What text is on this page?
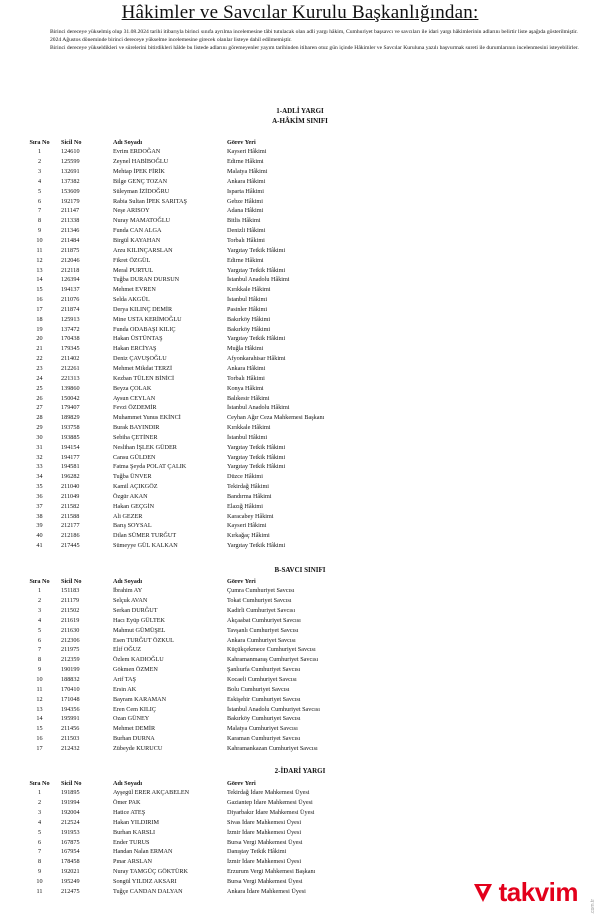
Hâkimler ve Savcılar Kurulu Başkanlığından:

Birinci dereceye yükselmiş olup 31.08.2024 tarihi itibarıyla birinci sınıfa ayrılma incelemesine tâbi tutulacak olan adli yargı hâkim, Cumhuriyet başsavcı ve savcıları ile idari yargı hâkimlerinin adlarını belirtir liste aşağıda gösterilmiştir.

2024 Ağustos döneminde birinci dereceye yükselme incelemesine girecek olanlar listeye dahil edilmemiştir.

Birinci dereceye yükseldikleri ve sürelerini bitirdikleri hâlde bu listede adlarını göremeyenler yayım tarihinden itibaren otuz gün içinde Hâkimler ve Savcılar Kuruluna yazılı başvurmak sureti ile durumlarının incelenmesini isteyebilirler.

1-ADLİ YARGI
A-HÂKİM SINIFI
Sıra No	Sicil No	Adı Soyadı	Görev Yeri
1	124610	Evrim ERDOĞAN	Kayseri Hâkimi
2	125599	Zeynel HABİBOĞLU	Edirne Hâkimi
3	132691	Mehtap İPEK FİRİK	Malatya Hâkimi
4	137382	Bilge GENÇ TOZAN	Ankara Hâkimi
5	153609	Süleyman İZİDOĞRU	Isparta Hâkimi
6	192179	Rabia Sultan İPEK SARITAŞ	Gebze Hâkimi
7	211147	Neşe ARISOY	Adana Hâkimi
8	211338	Nuray MAMATOĞLU	Bitlis Hâkimi
9	211346	Funda CAN ALGA	Denizli Hâkimi
10	211484	Birgül KAYAHAN	Torbalı Hâkimi
11	211875	Arzu KILINÇARSLAN	Yargıtay Tetkik Hâkimi
12	212046	Fikret ÖZGÜL	Edirne Hâkimi
13	212118	Meral PURTUL	Yargıtay Tetkik Hâkimi
14	126394	Tuğba DURAN DURSUN	İstanbul Anadolu Hâkimi
15	194137	Mehmet EVREN	Kırıkkale Hâkimi
16	211076	Selda AKGÜL	İstanbul Hâkimi
17	211874	Derya KILINÇ DEMİR	Pasinler Hâkimi
18	125913	Mine USTA KERİMOĞLU	Bakırköy Hâkimi
19	137472	Funda ODABAŞI KILIÇ	Bakırköy Hâkimi
20	170438	Hakan ÜSTÜNTAŞ	Yargıtay Tetkik Hâkimi
21	179345	Hakan ERCİYAŞ	Muğla Hâkimi
22	211402	Deniz ÇAVUŞOĞLU	Afyonkarahisar Hâkimi
23	212261	Mehmet Mikdat TERZİ	Ankara Hâkimi
24	221313	Kezban TÜLEN BİNİCİ	Torbalı Hâkimi
25	139860	Beyza ÇOLAK	Konya Hâkimi
26	150042	Aysun CEYLAN	Balıkesir Hâkimi
27	179407	Fevzi ÖZDEMİR	İstanbul Anadolu Hâkimi
28	189829	Muhammet Yunus EKİNCİ	Ceyhan Ağır Ceza Mahkemesi Başkanı
29	193758	Burak BAYINDIR	Kırıkkale Hâkimi
30	193885	Sebiha ÇETİNER	İstanbul Hâkimi
31	194154	Neslihan İŞLEK GÜDER	Yargıtay Tetkik Hâkimi
32	194177	Cansu GÜLDEN	Yargıtay Tetkik Hâkimi
33	194581	Fatma Şeyda POLAT ÇALIK	Yargıtay Tetkik Hâkimi
34	196282	Tuğba ÜNVER	Düzce Hâkimi
35	211040	Kamil AÇIKGÖZ	Tekirdağ Hâkimi
36	211049	Özgür AKAN	Bandırma Hâkimi
37	211582	Hakan GEÇGİN	Elazığ Hâkimi
38	211588	Ali GEZER	Karacabey Hâkimi
39	212177	Barış SOYSAL	Kayseri Hâkimi
40	212186	Dilan SÜMER TURĞUT	Kırkağaç Hâkimi
41	217445	Sümeyye GÜL KALKAN	Yargıtay Tetkik Hâkimi
B-SAVCI SINIFI
Sıra No	Sicil No	Adı Soyadı	Görev Yeri
1	151183	İbrahim AY	Çumra Cumhuriyet Savcısı
2	211179	Selçuk AVAN	Tokat Cumhuriyet Savcısı
3	211502	Serkan DURĞUT	Kadirli Cumhuriyet Savcısı
4	211619	Hacı Eyüp GÜLTEK	Akçaabat Cumhuriyet Savcısı
5	211630	Mahmut GÜMÜŞEL	Tavşanlı Cumhuriyet Savcısı
6	212306	Esen TURĞUT ÖZKUL	Ankara Cumhuriyet Savcısı
7	211975	Elif OĞUZ	Küçükçekmece Cumhuriyet Savcısı
8	212359	Özlem KADIOĞLU	Kahramanmaraş Cumhuriyet Savcısı
9	190199	Gökmen ÖZMEN	Şanlıurfa Cumhuriyet Savcısı
10	188832	Arif TAŞ	Kocaeli Cumhuriyet Savcısı
11	170410	Ersin AK	Bolu Cumhuriyet Savcısı
12	171048	Bayram KARAMAN	Eskişehir Cumhuriyet Savcısı
13	194356	Eren Cem KILIÇ	İstanbul Anadolu Cumhuriyet Savcısı
14	195991	Ozan GÜNEY	Bakırköy Cumhuriyet Savcısı
15	211456	Mehmet DEMİR	Malatya Cumhuriyet Savcısı
16	211503	Burhan DURNA	Karaman Cumhuriyet Savcısı
17	212432	Zübeyde KURUCU	Kahramankazan Cumhuriyet Savcısı
2-İDARİ YARGI
Sıra No	Sicil No	Adı Soyadı	Görev Yeri
1	191895	Ayşegül ERER AKÇABELEN	Tekirdağ İdare Mahkemesi Üyesi
2	191994	Ömer PAK	Gaziantep İdare Mahkemesi Üyesi
3	192004	Hatice ATEŞ	Diyarbakır İdare Mahkemesi Üyesi
4	212524	Hakan YILDIRIM	Sivas İdare Mahkemesi Üyesi
5	191953	Burhan KARSLI	İzmir İdare Mahkemesi Üyesi
6	167875	Ender TURUS	Bursa Vergi Mahkemesi Üyesi
7	167954	Handan Nalan ERMAN	Danıştay Tetkik Hâkimi
8	178458	Pınar ARSLAN	İzmir İdare Mahkemesi Üyesi
9	192021	Nuray TAMGÜÇ GÖKTÜRK	Erzurum Vergi Mahkemesi Başkanı
10	195249	Songül YILDIZ AKSARI	Bursa Vergi Mahkemesi Üyesi
11	212475	Tuğçe CANDAN DALYAN	Ankara İdare Mahkemesi Üyesi	takvim .com.tr
